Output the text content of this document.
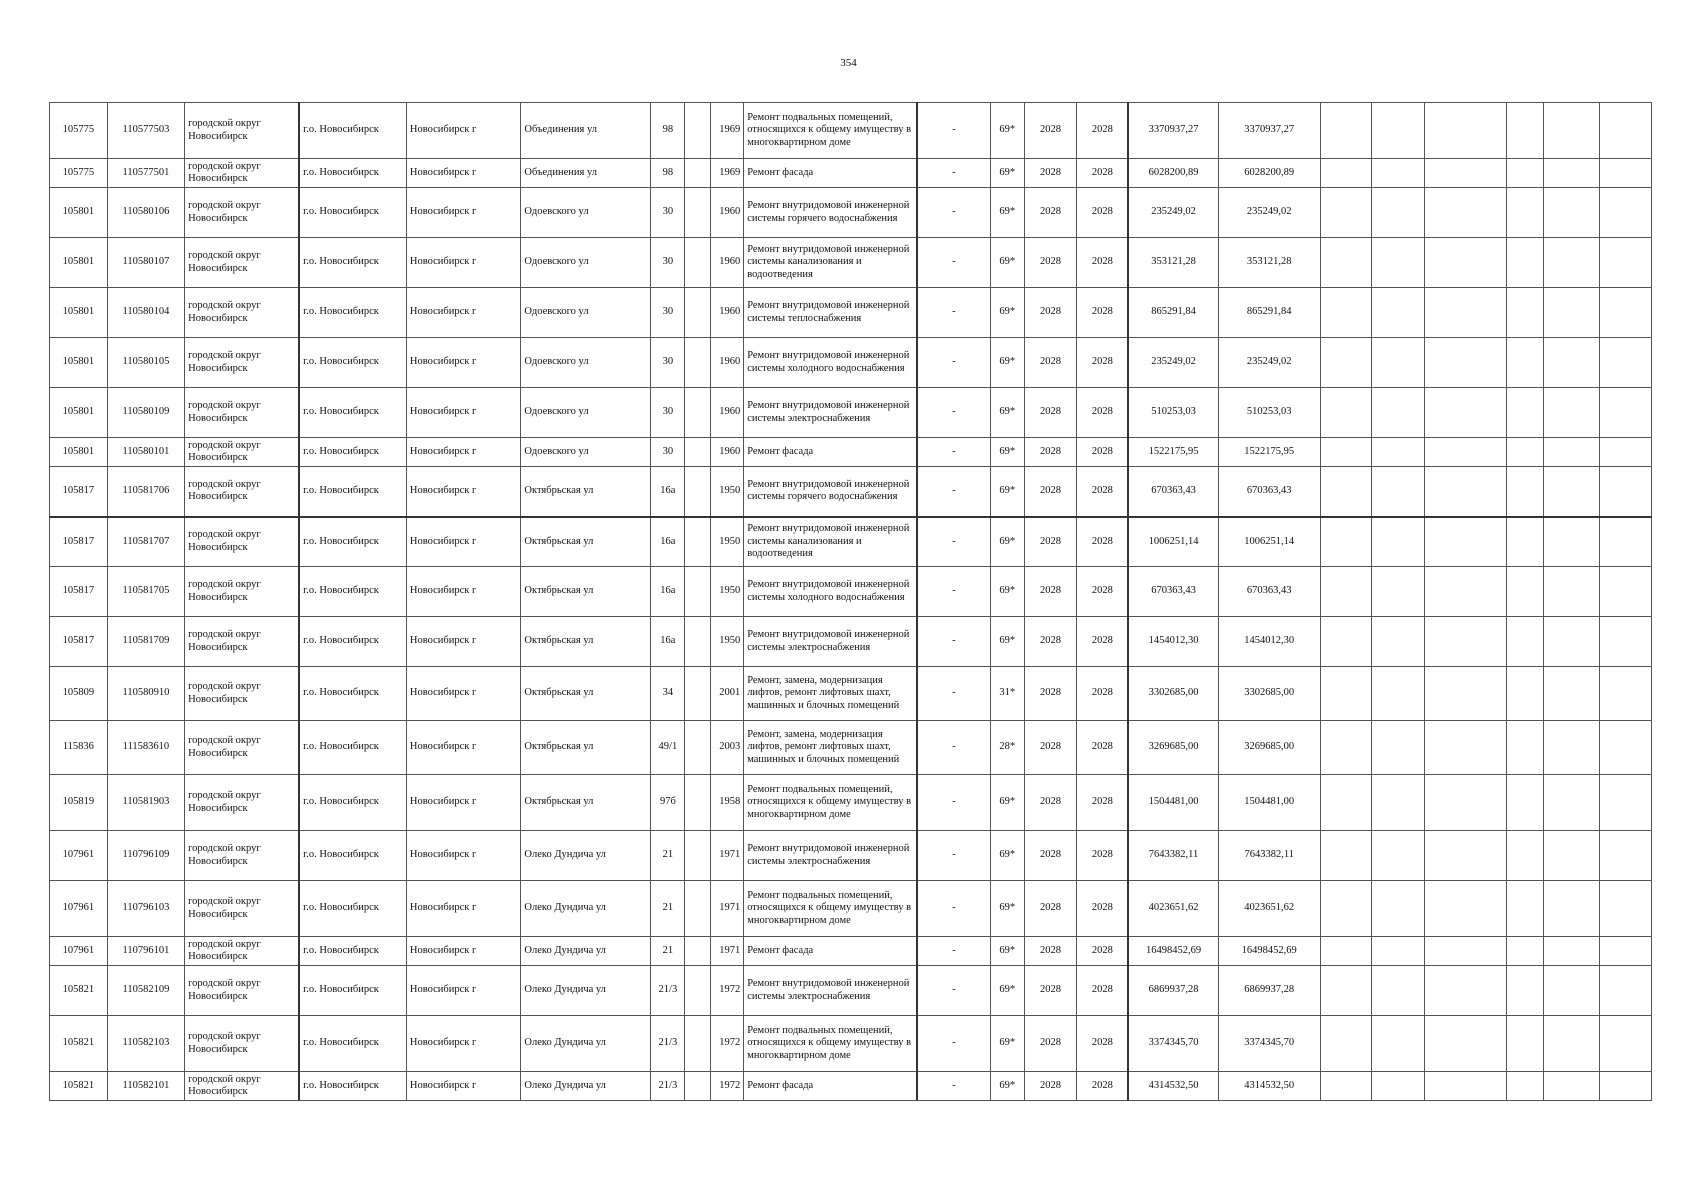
354
105775	110577503	городской округ Новосибирск	г.о. Новосибирск	Новосибирск г	Объединения ул	98		1969	Ремонт подвальных помещений, относящихся к общему имуществу в многоквартирном доме	-	69*	2028	2028	3370937,27	3370937,27						
105775	110577501	городской округ Новосибирск	г.о. Новосибирск	Новосибирск г	Объединения ул	98		1969	Ремонт фасада	-	69*	2028	2028	6028200,89	6028200,89						
105801	110580106	городской округ Новосибирск	г.о. Новосибирск	Новосибирск г	Одоевского ул	30		1960	Ремонт внутридомовой инженерной системы горячего водоснабжения	-	69*	2028	2028	235249,02	235249,02						
105801	110580107	городской округ Новосибирск	г.о. Новосибирск	Новосибирск г	Одоевского ул	30		1960	Ремонт внутридомовой инженерной системы канализования и водоотведения	-	69*	2028	2028	353121,28	353121,28						
105801	110580104	городской округ Новосибирск	г.о. Новосибирск	Новосибирск г	Одоевского ул	30		1960	Ремонт внутридомовой инженерной системы теплоснабжения	-	69*	2028	2028	865291,84	865291,84						
105801	110580105	городской округ Новосибирск	г.о. Новосибирск	Новосибирск г	Одоевского ул	30		1960	Ремонт внутридомовой инженерной системы холодного водоснабжения	-	69*	2028	2028	235249,02	235249,02						
105801	110580109	городской округ Новосибирск	г.о. Новосибирск	Новосибирск г	Одоевского ул	30		1960	Ремонт внутридомовой инженерной системы электроснабжения	-	69*	2028	2028	510253,03	510253,03						
105801	110580101	городской округ Новосибирск	г.о. Новосибирск	Новосибирск г	Одоевского ул	30		1960	Ремонт фасада	-	69*	2028	2028	1522175,95	1522175,95						
105817	110581706	городской округ Новосибирск	г.о. Новосибирск	Новосибирск г	Октябрьская ул	16а		1950	Ремонт внутридомовой инженерной системы горячего водоснабжения	-	69*	2028	2028	670363,43	670363,43						
105817	110581707	городской округ Новосибирск	г.о. Новосибирск	Новосибирск г	Октябрьская ул	16а		1950	Ремонт внутридомовой инженерной системы канализования и водоотведения	-	69*	2028	2028	1006251,14	1006251,14						
105817	110581705	городской округ Новосибирск	г.о. Новосибирск	Новосибирск г	Октябрьская ул	16а		1950	Ремонт внутридомовой инженерной системы холодного водоснабжения	-	69*	2028	2028	670363,43	670363,43						
105817	110581709	городской округ Новосибирск	г.о. Новосибирск	Новосибирск г	Октябрьская ул	16а		1950	Ремонт внутридомовой инженерной системы электроснабжения	-	69*	2028	2028	1454012,30	1454012,30						
105809	110580910	городской округ Новосибирск	г.о. Новосибирск	Новосибирск г	Октябрьская ул	34		2001	Ремонт, замена, модернизация лифтов, ремонт лифтовых шахт, машинных и блочных помещений	-	31*	2028	2028	3302685,00	3302685,00						
115836	111583610	городской округ Новосибирск	г.о. Новосибирск	Новосибирск г	Октябрьская ул	49/1		2003	Ремонт, замена, модернизация лифтов, ремонт лифтовых шахт, машинных и блочных помещений	-	28*	2028	2028	3269685,00	3269685,00						
105819	110581903	городской округ Новосибирск	г.о. Новосибирск	Новосибирск г	Октябрьская ул	97б		1958	Ремонт подвальных помещений, относящихся к общему имуществу в многоквартирном доме	-	69*	2028	2028	1504481,00	1504481,00						
107961	110796109	городской округ Новосибирск	г.о. Новосибирск	Новосибирск г	Олеко Дундича ул	21		1971	Ремонт внутридомовой инженерной системы электроснабжения	-	69*	2028	2028	7643382,11	7643382,11						
107961	110796103	городской округ Новосибирск	г.о. Новосибирск	Новосибирск г	Олеко Дундича ул	21		1971	Ремонт подвальных помещений, относящихся к общему имуществу в многоквартирном доме	-	69*	2028	2028	4023651,62	4023651,62						
107961	110796101	городской округ Новосибирск	г.о. Новосибирск	Новосибирск г	Олеко Дундича ул	21		1971	Ремонт фасада	-	69*	2028	2028	16498452,69	16498452,69						
105821	110582109	городской округ Новосибирск	г.о. Новосибирск	Новосибирск г	Олеко Дундича ул	21/3		1972	Ремонт внутридомовой инженерной системы электроснабжения	-	69*	2028	2028	6869937,28	6869937,28						
105821	110582103	городской округ Новосибирск	г.о. Новосибирск	Новосибирск г	Олеко Дундича ул	21/3		1972	Ремонт подвальных помещений, относящихся к общему имуществу в многоквартирном доме	-	69*	2028	2028	3374345,70	3374345,70						
105821	110582101	городской округ Новосибирск	г.о. Новосибирск	Новосибирск г	Олеко Дундича ул	21/3		1972	Ремонт фасада	-	69*	2028	2028	4314532,50	4314532,50						
